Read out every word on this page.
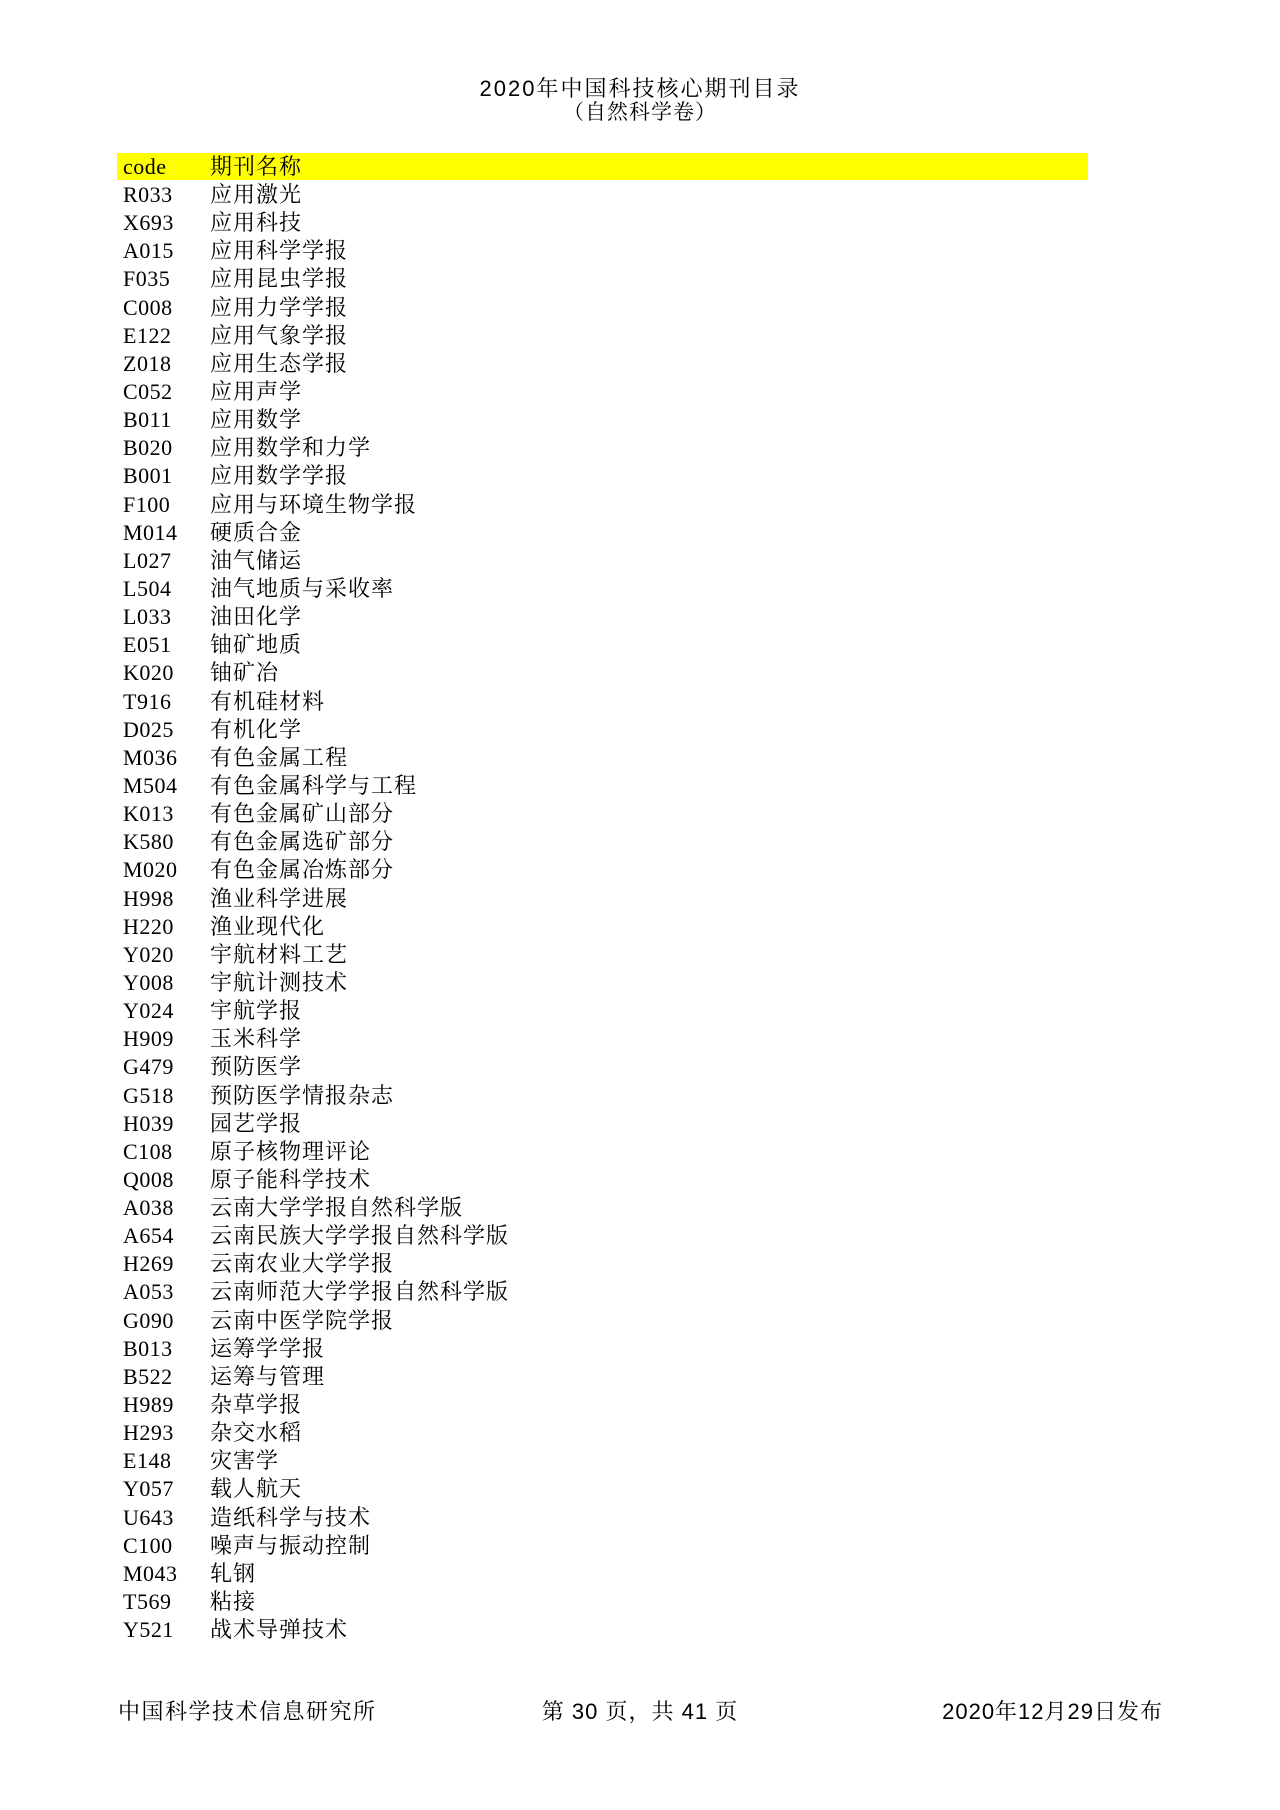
2020年中国科技核心期刊目录
（自然科学卷）
code 期刊名称
R033 应用激光
X693 应用科技
A015 应用科学学报
F035 应用昆虫学报
C008 应用力学学报
E122 应用气象学报
Z018 应用生态学报
C052 应用声学
B011 应用数学
B020 应用数学和力学
B001 应用数学学报
F100 应用与环境生物学报
M014 硬质合金
L027 油气储运
L504 油气地质与采收率
L033 油田化学
E051 铀矿地质
K020 铀矿冶
T916 有机硅材料
D025 有机化学
M036 有色金属工程
M504 有色金属科学与工程
K013 有色金属矿山部分
K580 有色金属选矿部分
M020 有色金属冶炼部分
H998 渔业科学进展
H220 渔业现代化
Y020 宇航材料工艺
Y008 宇航计测技术
Y024 宇航学报
H909 玉米科学
G479 预防医学
G518 预防医学情报杂志
H039 园艺学报
C108 原子核物理评论
Q008 原子能科学技术
A038 云南大学学报自然科学版
A654 云南民族大学学报自然科学版
H269 云南农业大学学报
A053 云南师范大学学报自然科学版
G090 云南中医学院学报
B013 运筹学学报
B522 运筹与管理
H989 杂草学报
H293 杂交水稻
E148 灾害学
Y057 载人航天
U643 造纸科学与技术
C100 噪声与振动控制
M043 轧钢
T569 粘接
Y521 战术导弹技术
中国科学技术信息研究所	第 30 页，共 41 页	2020年12月29日发布
